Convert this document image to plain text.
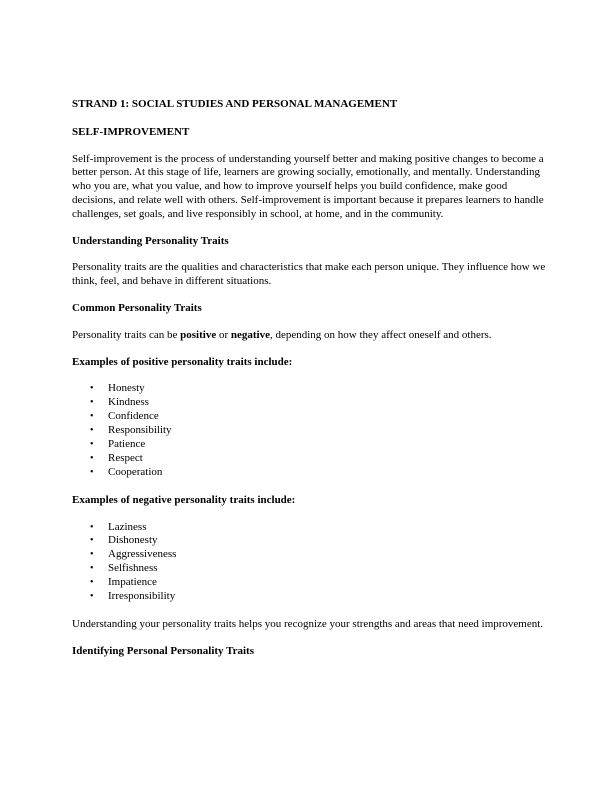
STRAND 1: SOCIAL STUDIES AND PERSONAL MANAGEMENT
SELF-IMPROVEMENT

Self-improvement is the process of understanding yourself better and making positive changes to become a better person. At this stage of life, learners are growing socially, emotionally, and mentally. Understanding who you are, what you value, and how to improve yourself helps you build confidence, make good decisions, and relate well with others. Self-improvement is important because it prepares learners to handle challenges, set goals, and live responsibly in school, at home, and in the community.

Understanding Personality Traits

Personality traits are the qualities and characteristics that make each person unique. They influence how we think, feel, and behave in different situations.

Common Personality Traits

Personality traits can be positive or negative, depending on how they affect oneself and others.

Examples of positive personality traits include:
• Honesty
• Kindness
• Confidence
• Responsibility
• Patience
• Respect
• Cooperation
Examples of negative personality traits include:
• Laziness
• Dishonesty
• Aggressiveness
• Selfishness
• Impatience
• Irresponsibility

Understanding your personality traits helps you recognize your strengths and areas that need improvement.

Identifying Personal Personality Traits
